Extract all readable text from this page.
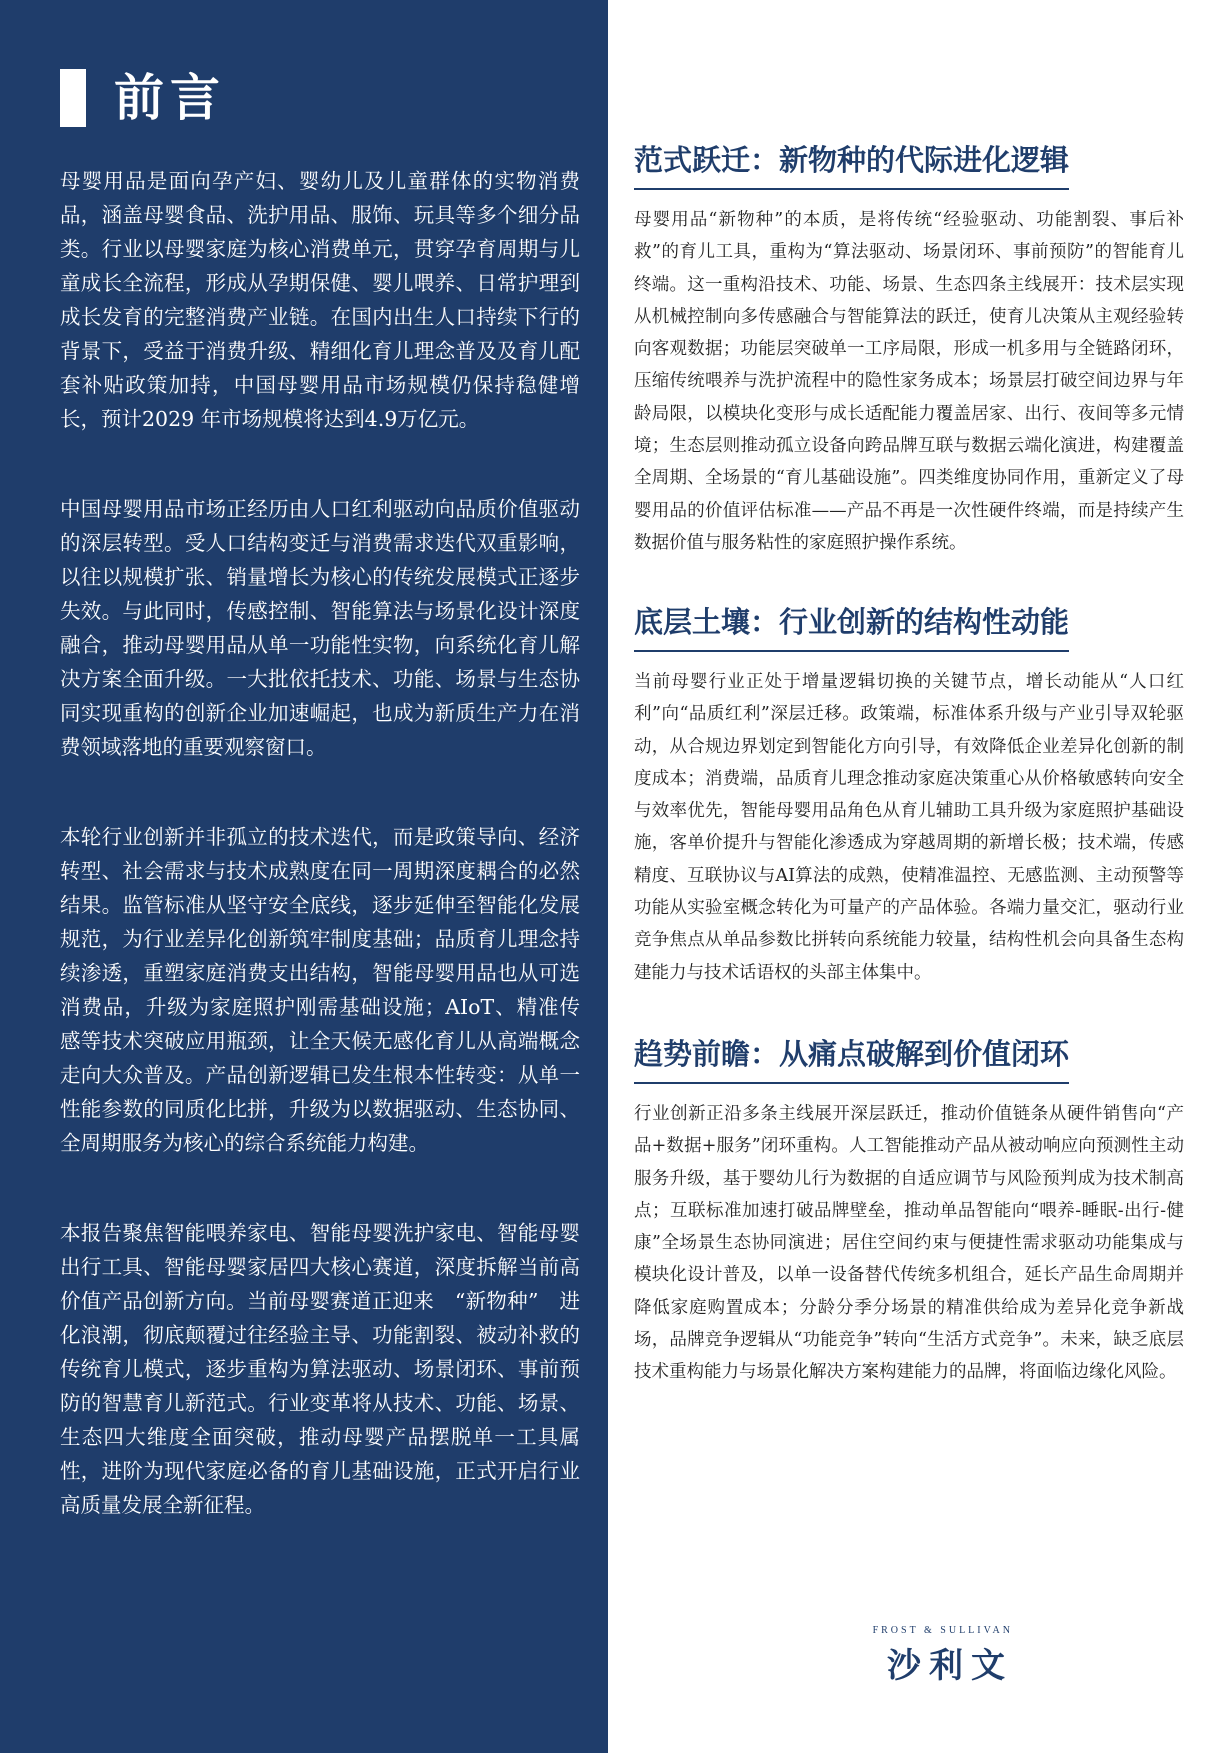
前言

母婴用品是面向孕产妇、婴幼儿及儿童群体的实物消费品，涵盖母婴食品、洗护用品、服饰、玩具等多个细分品类。行业以母婴家庭为核心消费单元，贯穿孕育周期与儿童成长全流程，形成从孕期保健、婴儿喂养、日常护理到成长发育的完整消费产业链。在国内出生人口持续下行的背景下，受益于消费升级、精细化育儿理念普及及育儿配套补贴政策加持，中国母婴用品市场规模仍保持稳健增长，预计2029 年市场规模将达到4.9万亿元。

中国母婴用品市场正经历由人口红利驱动向品质价值驱动的深层转型。受人口结构变迁与消费需求迭代双重影响，以往以规模扩张、销量增长为核心的传统发展模式正逐步失效。与此同时，传感控制、智能算法与场景化设计深度融合，推动母婴用品从单一功能性实物，向系统化育儿解决方案全面升级。一大批依托技术、功能、场景与生态协同实现重构的创新企业加速崛起，也成为新质生产力在消费领域落地的重要观察窗口。

本轮行业创新并非孤立的技术迭代，而是政策导向、经济转型、社会需求与技术成熟度在同一周期深度耦合的必然结果。监管标准从坚守安全底线，逐步延伸至智能化发展规范，为行业差异化创新筑牢制度基础；品质育儿理念持续渗透，重塑家庭消费支出结构，智能母婴用品也从可选消费品，升级为家庭照护刚需基础设施；AIoT、精准传感等技术突破应用瓶颈，让全天候无感化育儿从高端概念走向大众普及。产品创新逻辑已发生根本性转变：从单一性能参数的同质化比拼，升级为以数据驱动、生态协同、全周期服务为核心的综合系统能力构建。

本报告聚焦智能喂养家电、智能母婴洗护家电、智能母婴出行工具、智能母婴家居四大核心赛道，深度拆解当前高价值产品创新方向。当前母婴赛道正迎来　“新物种”　进化浪潮，彻底颠覆过往经验主导、功能割裂、被动补救的传统育儿模式，逐步重构为算法驱动、场景闭环、事前预防的智慧育儿新范式。行业变革将从技术、功能、场景、生态四大维度全面突破，推动母婴产品摆脱单一工具属性，进阶为现代家庭必备的育儿基础设施，正式开启行业高质量发展全新征程。

范式跃迁：新物种的代际进化逻辑

母婴用品“新物种”的本质，是将传统“经验驱动、功能割裂、事后补救”的育儿工具，重构为“算法驱动、场景闭环、事前预防”的智能育儿终端。这一重构沿技术、功能、场景、生态四条主线展开：技术层实现从机械控制向多传感融合与智能算法的跃迁，使育儿决策从主观经验转向客观数据；功能层突破单一工序局限，形成一机多用与全链路闭环，压缩传统喂养与洗护流程中的隐性家务成本；场景层打破空间边界与年龄局限，以模块化变形与成长适配能力覆盖居家、出行、夜间等多元情境；生态层则推动孤立设备向跨品牌互联与数据云端化演进，构建覆盖全周期、全场景的“育儿基础设施”。四类维度协同作用，重新定义了母婴用品的价值评估标准——产品不再是一次性硬件终端，而是持续产生数据价值与服务粘性的家庭照护操作系统。

底层土壤：行业创新的结构性动能

当前母婴行业正处于增量逻辑切换的关键节点，增长动能从“人口红利”向“品质红利”深层迁移。政策端，标准体系升级与产业引导双轮驱动，从合规边界划定到智能化方向引导，有效降低企业差异化创新的制度成本；消费端，品质育儿理念推动家庭决策重心从价格敏感转向安全与效率优先，智能母婴用品角色从育儿辅助工具升级为家庭照护基础设施，客单价提升与智能化渗透成为穿越周期的新增长极；技术端，传感精度、互联协议与AI算法的成熟，使精准温控、无感监测、主动预警等功能从实验室概念转化为可量产的产品体验。各端力量交汇，驱动行业竞争焦点从单品参数比拼转向系统能力较量，结构性机会向具备生态构建能力与技术话语权的头部主体集中。

趋势前瞻：从痛点破解到价值闭环

行业创新正沿多条主线展开深层跃迁，推动价值链条从硬件销售向“产品+数据+服务”闭环重构。人工智能推动产品从被动响应向预测性主动服务升级，基于婴幼儿行为数据的自适应调节与风险预判成为技术制高点；互联标准加速打破品牌壁垒，推动单品智能向“喂养-睡眠-出行-健康”全场景生态协同演进；居住空间约束与便捷性需求驱动功能集成与模块化设计普及，以单一设备替代传统多机组合，延长产品生命周期并降低家庭购置成本；分龄分季分场景的精准供给成为差异化竞争新战场，品牌竞争逻辑从“功能竞争”转向“生活方式竞争”。未来，缺乏底层技术重构能力与场景化解决方案构建能力的品牌，将面临边缘化风险。

FROST & SULLIVAN
沙利文
